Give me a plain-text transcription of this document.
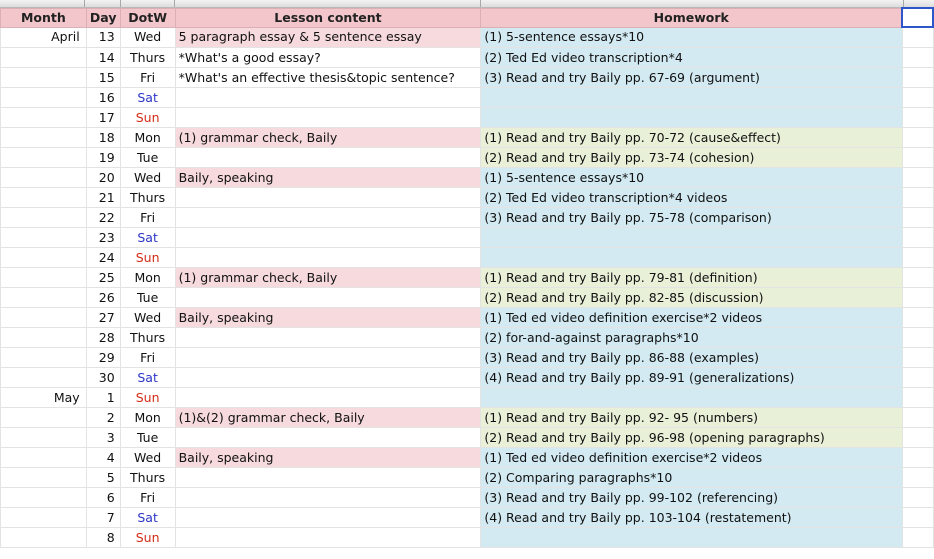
Month	Day	DotW	Lesson content	Homework	
April	13	Wed	5 paragraph essay & 5 sentence essay	(1) 5-sentence essays*10	
	14	Thurs	*What's a good essay?	(2) Ted Ed video transcription*4	
	15	Fri	*What's an effective thesis&topic sentence?	(3) Read and try Baily pp. 67-69 (argument)	
	16	Sat			
	17	Sun			
	18	Mon	(1) grammar check, Baily	(1) Read and try Baily pp. 70-72 (cause&effect)	
	19	Tue		(2) Read and try Baily pp. 73-74 (cohesion)	
	20	Wed	Baily, speaking	(1) 5-sentence essays*10	
	21	Thurs		(2) Ted Ed video transcription*4 videos	
	22	Fri		(3) Read and try Baily pp. 75-78 (comparison)	
	23	Sat			
	24	Sun			
	25	Mon	(1) grammar check, Baily	(1) Read and try Baily pp. 79-81 (definition)	
	26	Tue		(2) Read and try Baily pp. 82-85 (discussion)	
	27	Wed	Baily, speaking	(1) Ted ed video definition exercise*2 videos	
	28	Thurs		(2) for-and-against paragraphs*10	
	29	Fri		(3) Read and try Baily pp. 86-88 (examples)	
	30	Sat		(4) Read and try Baily pp. 89-91 (generalizations)	
May	1	Sun			
	2	Mon	(1)&(2) grammar check, Baily	(1) Read and try Baily pp. 92- 95 (numbers)	
	3	Tue		(2) Read and try Baily pp. 96-98 (opening paragraphs)	
	4	Wed	Baily, speaking	(1) Ted ed video definition exercise*2 videos	
	5	Thurs		(2) Comparing paragraphs*10	
	6	Fri		(3) Read and try Baily pp. 99-102 (referencing)	
	7	Sat		(4) Read and try Baily pp. 103-104 (restatement)	
	8	Sun			
